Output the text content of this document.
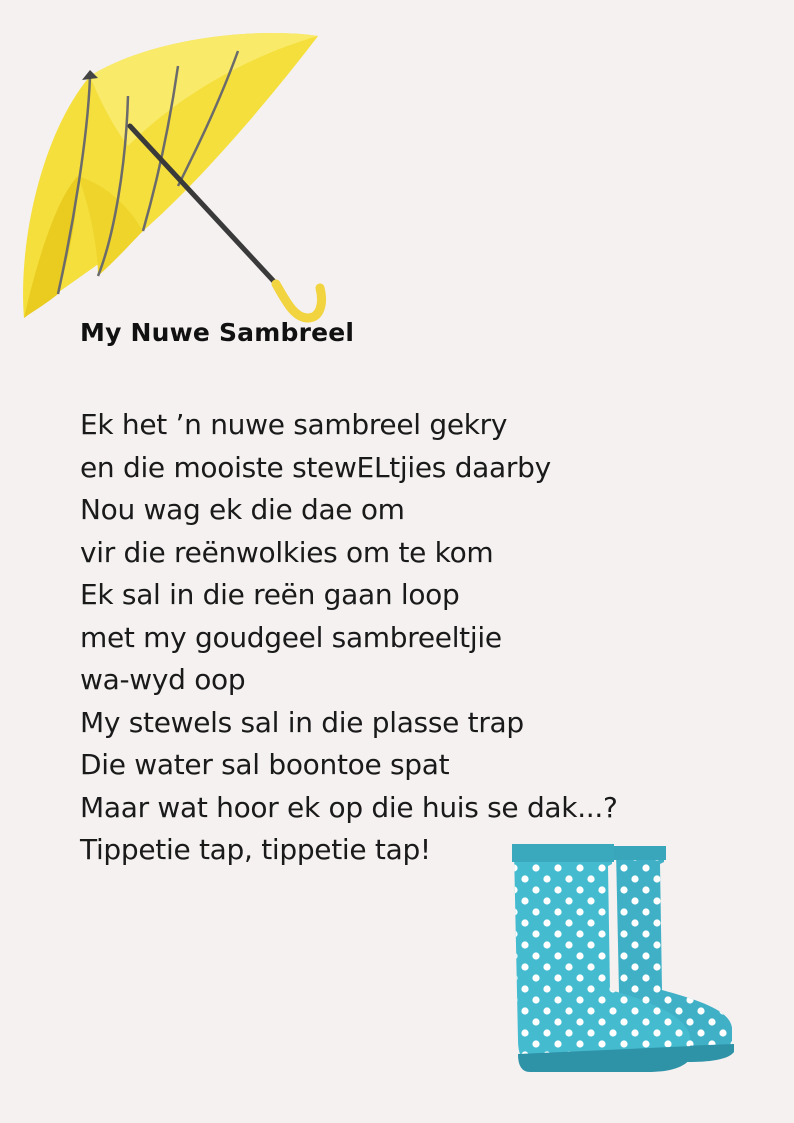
My Nuwe Sambreel
Ek het ’n nuwe sambreel gekry
en die mooiste stewELtjies daarby
Nou wag ek die dae om
vir die reënwolkies om te kom
Ek sal in die reën gaan loop
met my goudgeel sambreeltjie
wa-wyd oop
My stewels sal in die plasse trap
Die water sal boontoe spat
Maar wat hoor ek op die huis se dak...?
Tippetie tap, tippetie tap!
